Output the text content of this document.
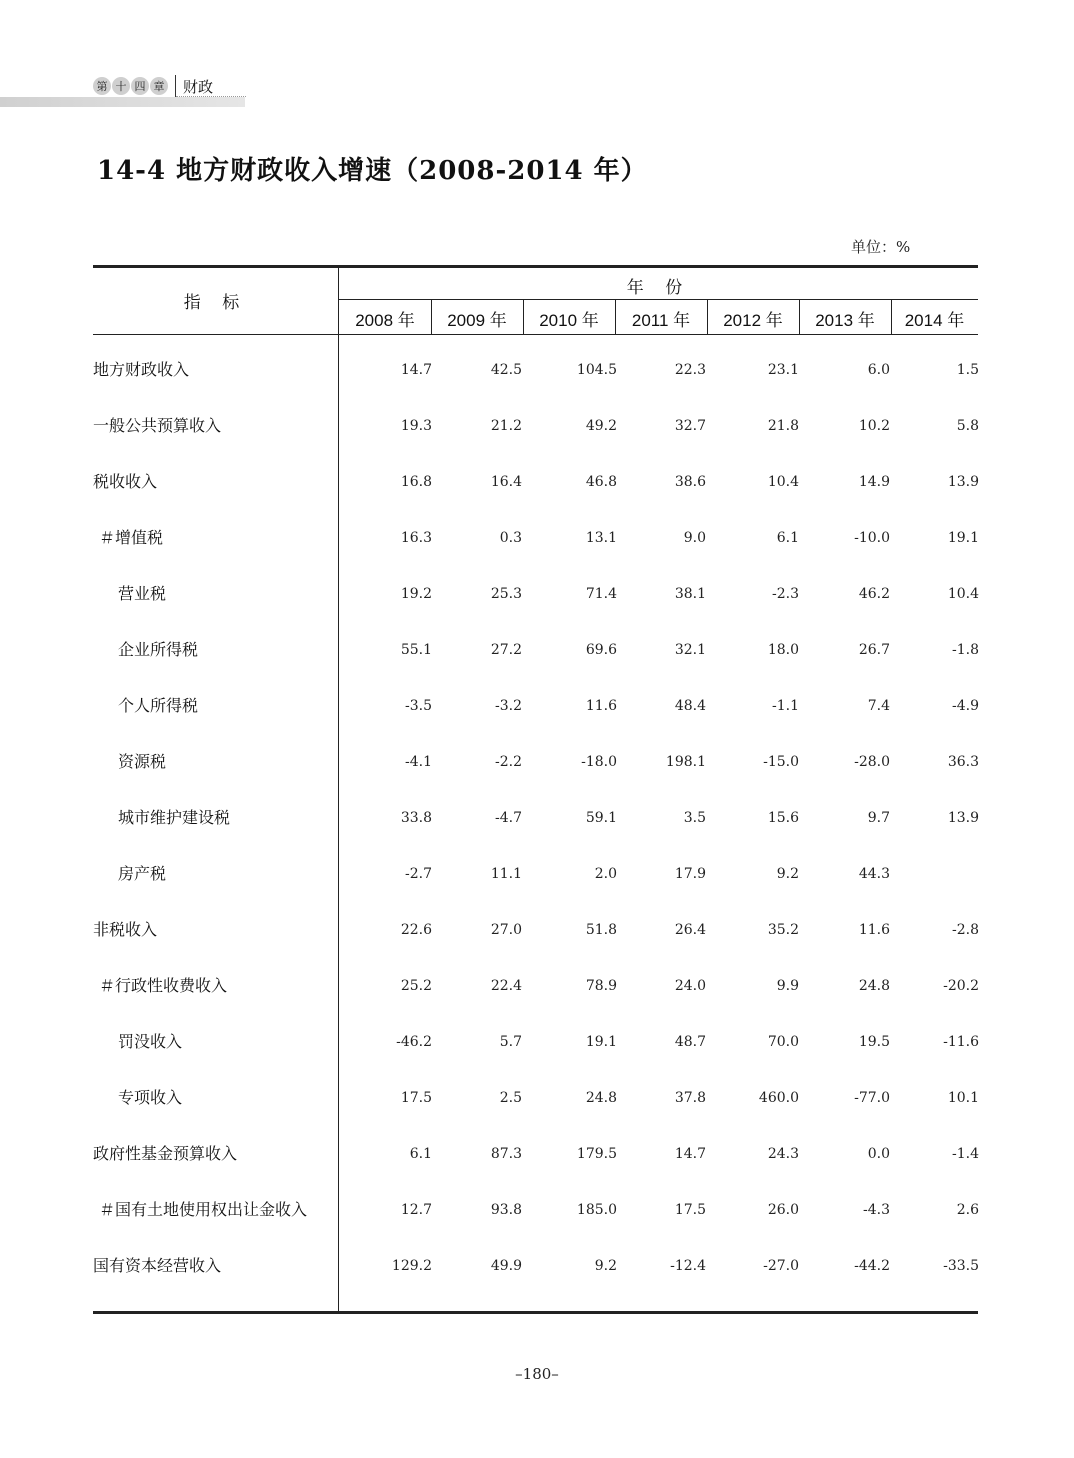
第 十 四 章 财政
14-4 地方财政收入增速（2008-2014 年）
单位：%
指 标
年 份
2008 年	2009 年	2010 年	2011 年	2012 年	2013 年	2014 年
地方财政收入	14.7	42.5	104.5	22.3	23.1	6.0	1.5
一般公共预算收入	19.3	21.2	49.2	32.7	21.8	10.2	5.8
税收收入	16.8	16.4	46.8	38.6	10.4	14.9	13.9
＃增值税	16.3	0.3	13.1	9.0	6.1	-10.0	19.1
营业税	19.2	25.3	71.4	38.1	-2.3	46.2	10.4
企业所得税	55.1	27.2	69.6	32.1	18.0	26.7	-1.8
个人所得税	-3.5	-3.2	11.6	48.4	-1.1	7.4	-4.9
资源税	-4.1	-2.2	-18.0	198.1	-15.0	-28.0	36.3
城市维护建设税	33.8	-4.7	59.1	3.5	15.6	9.7	13.9
房产税	-2.7	11.1	2.0	17.9	9.2	44.3
非税收入	22.6	27.0	51.8	26.4	35.2	11.6	-2.8
＃行政性收费收入	25.2	22.4	78.9	24.0	9.9	24.8	-20.2
罚没收入	-46.2	5.7	19.1	48.7	70.0	19.5	-11.6
专项收入	17.5	2.5	24.8	37.8	460.0	-77.0	10.1
政府性基金预算收入	6.1	87.3	179.5	14.7	24.3	0.0	-1.4
＃国有土地使用权出让金收入	12.7	93.8	185.0	17.5	26.0	-4.3	2.6
国有资本经营收入	129.2	49.9	9.2	-12.4	-27.0	-44.2	-33.5
–180–
